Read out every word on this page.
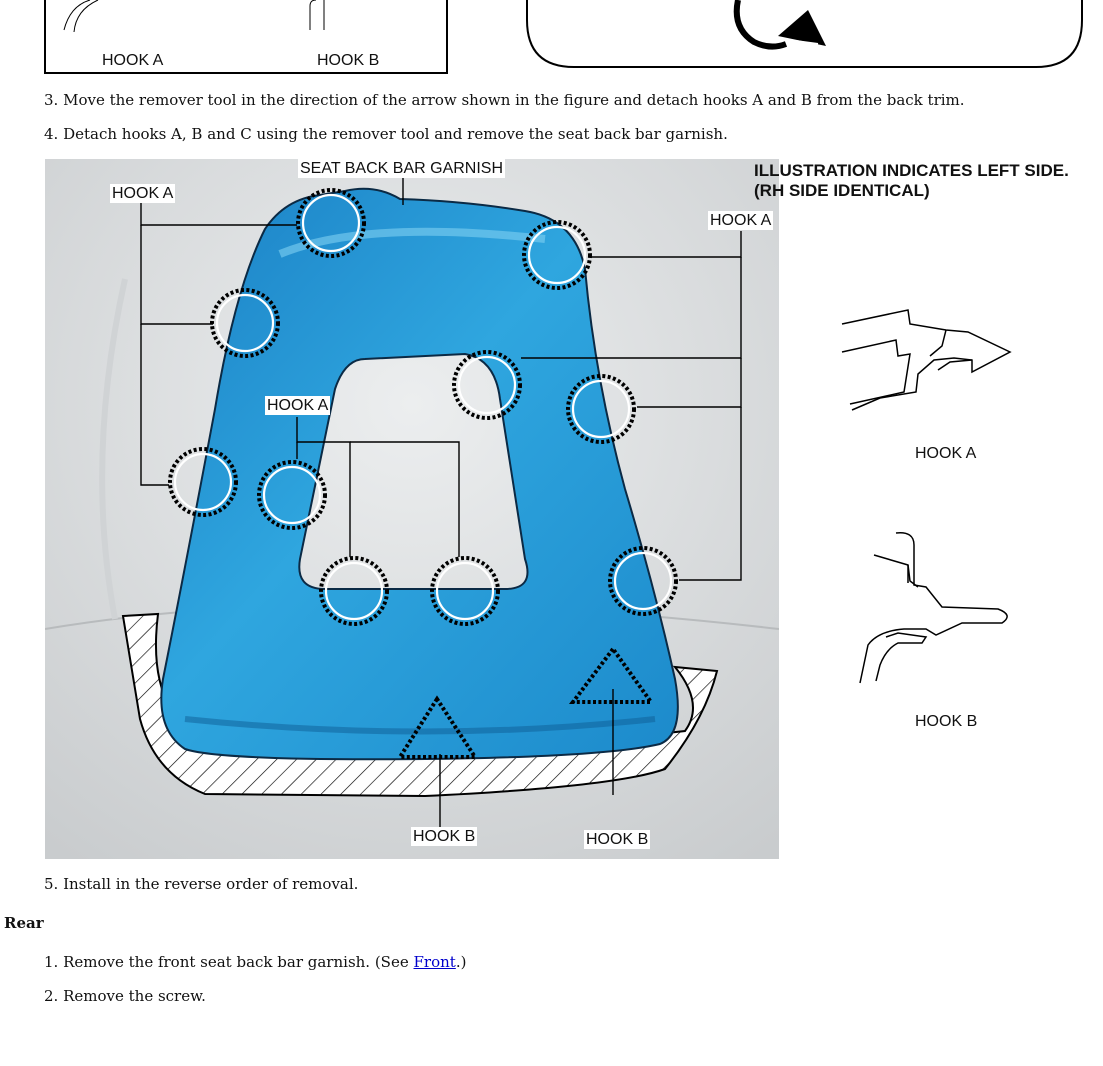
HOOK A	HOOK B
3. Move the remover tool in the direction of the arrow shown in the figure and detach hooks A and B from the back trim.
4. Detach hooks A, B and C using the remover tool and remove the seat back bar garnish.
SEAT BACK BAR GARNISH
HOOK A
HOOK A
HOOK A
HOOK B	HOOK B
ILLUSTRATION INDICATES LEFT SIDE.
(RH SIDE IDENTICAL)
HOOK A
HOOK B
5. Install in the reverse order of removal.
Rear
1. Remove the front seat back bar garnish. (See Front.)
2. Remove the screw.
